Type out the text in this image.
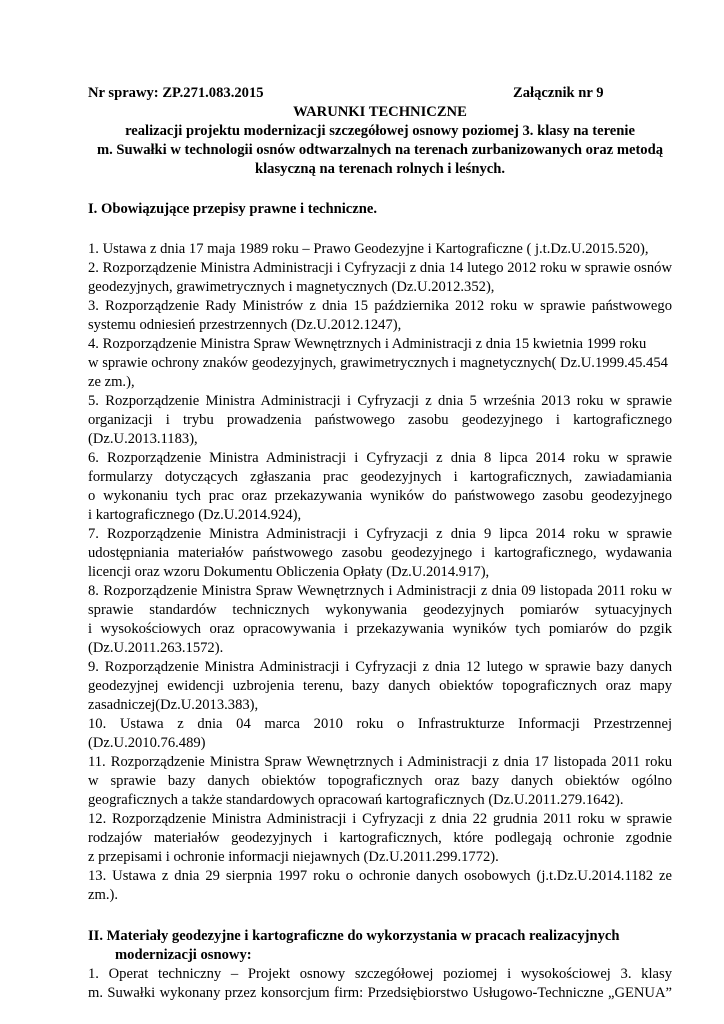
Nr sprawy: ZP.271.083.2015	Załącznik nr 9
WARUNKI TECHNICZNE
realizacji projektu modernizacji szczegółowej osnowy poziomej 3. klasy na terenie
m. Suwałki w technologii osnów odtwarzalnych na terenach zurbanizowanych oraz metodą
klasyczną na terenach rolnych i leśnych.
I. Obowiązujące przepisy prawne i techniczne.
1. Ustawa z dnia 17 maja 1989 roku – Prawo Geodezyjne i Kartograficzne ( j.t.Dz.U.2015.520),
2. Rozporządzenie Ministra Administracji i Cyfryzacji z dnia 14 lutego 2012 roku w sprawie osnów
geodezyjnych, grawimetrycznych i magnetycznych (Dz.U.2012.352),
3. Rozporządzenie Rady Ministrów z dnia 15 października 2012 roku w sprawie państwowego
systemu odniesień przestrzennych (Dz.U.2012.1247),
4. Rozporządzenie Ministra Spraw Wewnętrznych i Administracji z dnia 15 kwietnia 1999 roku
w sprawie ochrony znaków geodezyjnych, grawimetrycznych i magnetycznych( Dz.U.1999.45.454
ze zm.),
5. Rozporządzenie Ministra Administracji i Cyfryzacji z dnia 5 września 2013 roku w sprawie
organizacji i trybu prowadzenia państwowego zasobu geodezyjnego i kartograficznego
(Dz.U.2013.1183),
6. Rozporządzenie Ministra Administracji i Cyfryzacji z dnia 8 lipca 2014 roku w sprawie
formularzy dotyczących zgłaszania prac geodezyjnych i kartograficznych, zawiadamiania
o wykonaniu tych prac oraz przekazywania wyników do państwowego zasobu geodezyjnego
i kartograficznego (Dz.U.2014.924),
7. Rozporządzenie Ministra Administracji i Cyfryzacji z dnia 9 lipca 2014 roku w sprawie
udostępniania materiałów państwowego zasobu geodezyjnego i kartograficznego, wydawania
licencji oraz wzoru Dokumentu Obliczenia Opłaty (Dz.U.2014.917),
8. Rozporządzenie Ministra Spraw Wewnętrznych i Administracji z dnia 09 listopada 2011 roku w
sprawie standardów technicznych wykonywania geodezyjnych pomiarów sytuacyjnych
i wysokościowych oraz opracowywania i przekazywania wyników tych pomiarów do pzgik
(Dz.U.2011.263.1572).
9. Rozporządzenie Ministra Administracji i Cyfryzacji z dnia 12 lutego w sprawie bazy danych
geodezyjnej ewidencji uzbrojenia terenu, bazy danych obiektów topograficznych oraz mapy
zasadniczej(Dz.U.2013.383),
10. Ustawa z dnia 04 marca 2010 roku o Infrastrukturze Informacji Przestrzennej
(Dz.U.2010.76.489)
11. Rozporządzenie Ministra Spraw Wewnętrznych i Administracji z dnia 17 listopada 2011 roku
w sprawie bazy danych obiektów topograficznych oraz bazy danych obiektów ogólno
geograficznych a także standardowych opracowań kartograficznych (Dz.U.2011.279.1642).
12. Rozporządzenie Ministra Administracji i Cyfryzacji z dnia 22 grudnia 2011 roku w sprawie
rodzajów materiałów geodezyjnych i kartograficznych, które podlegają ochronie zgodnie
z przepisami i ochronie informacji niejawnych (Dz.U.2011.299.1772).
13. Ustawa z dnia 29 sierpnia 1997 roku o ochronie danych osobowych (j.t.Dz.U.2014.1182 ze
zm.).
II. Materiały geodezyjne i kartograficzne do wykorzystania w pracach realizacyjnych
modernizacji osnowy:
1. Operat techniczny – Projekt osnowy szczegółowej poziomej i wysokościowej 3. klasy
m. Suwałki wykonany przez konsorcjum firm: Przedsiębiorstwo Usługowo-Techniczne „GENUA”
